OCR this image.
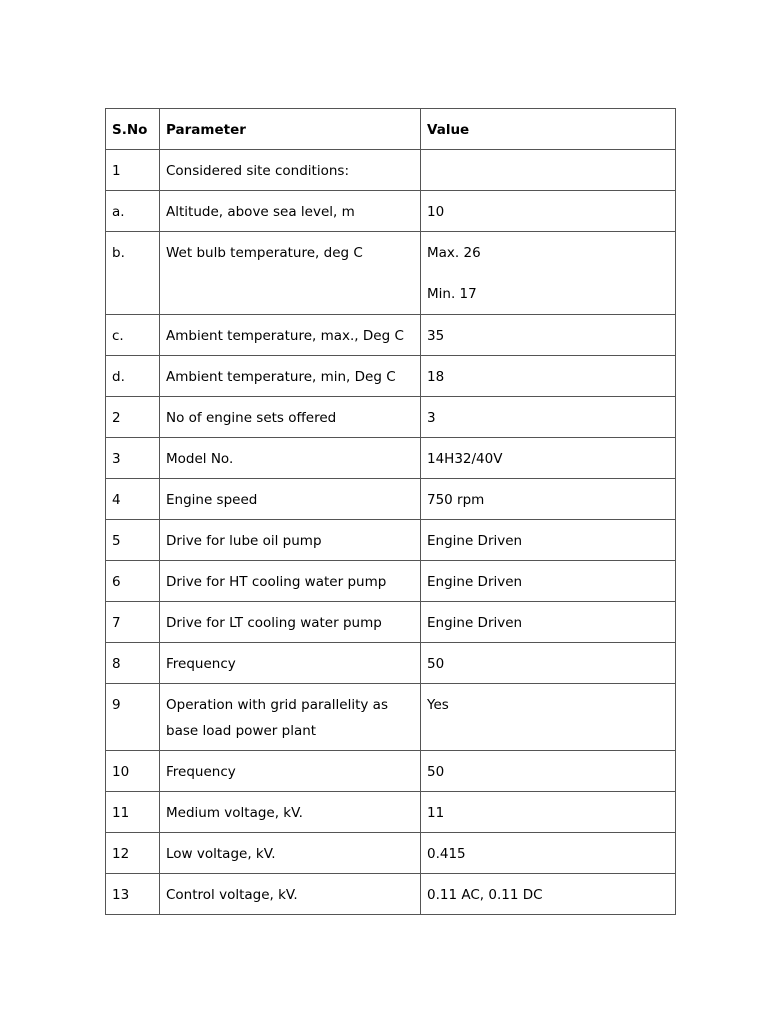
S.No	Parameter	Value
1	Considered site conditions:	
a.	Altitude, above sea level, m	10
b.	Wet bulb temperature, deg C	Max. 26
Min. 17

c.	Ambient temperature, max., Deg C	35
d.	Ambient temperature, min, Deg C	18
2	No of engine sets offered	3
3	Model No.	14H32/40V
4	Engine speed	750 rpm
5	Drive for lube oil pump	Engine Driven
6	Drive for HT cooling water pump	Engine Driven
7	Drive for LT cooling water pump	Engine Driven
8	Frequency	50
9	Operation with grid parallelity as base load power plant	Yes
10	Frequency	50
11	Medium voltage, kV.	11
12	Low voltage, kV.	0.415
13	Control voltage, kV.	0.11 AC, 0.11 DC
